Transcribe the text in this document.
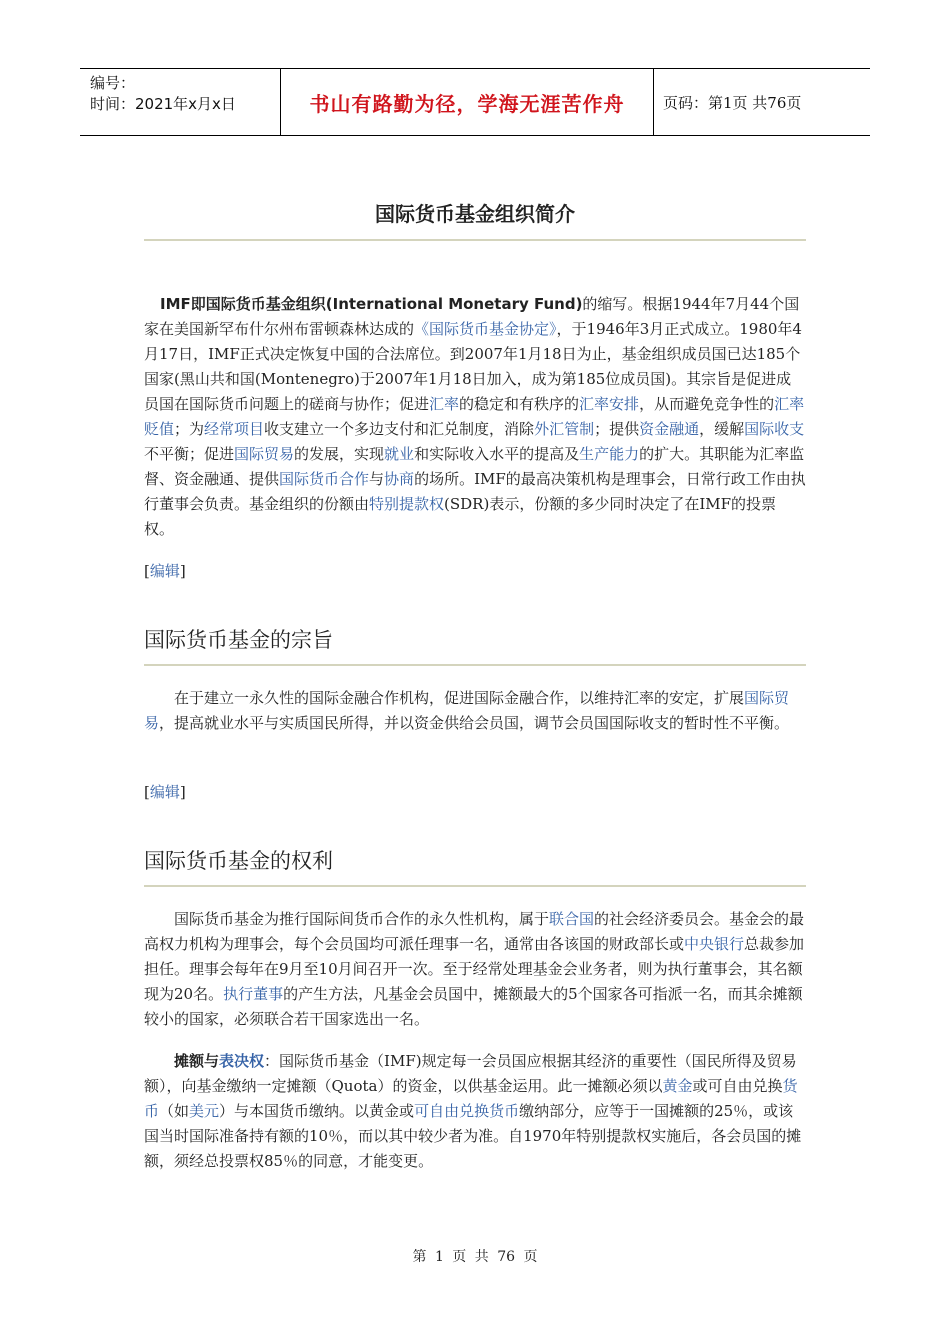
编号：
时间：2021年x月x日	书山有路勤为径，学海无涯苦作舟	页码：第1页 共76页
国际货币基金组织简介

IMF即国际货币基金组织(International Monetary Fund)的缩写。根据1944年7月44个国家在美国新罕布什尔州布雷顿森林达成的《国际货币基金协定》，于1946年3月正式成立。1980年4月17日，IMF正式决定恢复中国的合法席位。到2007年1月18日为止，基金组织成员国已达185个国家(黑山共和国(Montenegro)于2007年1月18日加入，成为第185位成员国)。其宗旨是促进成员国在国际货币问题上的磋商与协作；促进汇率的稳定和有秩序的汇率安排，从而避免竞争性的汇率贬值；为经常项目收支建立一个多边支付和汇兑制度，消除外汇管制；提供资金融通，缓解国际收支不平衡；促进国际贸易的发展，实现就业和实际收入水平的提高及生产能力的扩大。其职能为汇率监督、资金融通、提供国际货币合作与协商的场所。IMF的最高决策机构是理事会，日常行政工作由执行董事会负责。基金组织的份额由特别提款权(SDR)表示，份额的多少同时决定了在IMF的投票权。

[编辑]
国际货币基金的宗旨

在于建立一永久性的国际金融合作机构，促进国际金融合作，以维持汇率的安定，扩展国际贸易，提高就业水平与实质国民所得，并以资金供给会员国，调节会员国国际收支的暂时性不平衡。

[编辑]
国际货币基金的权利

国际货币基金为推行国际间货币合作的永久性机构，属于联合国的社会经济委员会。基金会的最高权力机构为理事会，每个会员国均可派任理事一名，通常由各该国的财政部长或中央银行总裁参加担任。理事会每年在9月至10月间召开一次。至于经常处理基金会业务者，则为执行董事会，其名额现为20名。执行董事的产生方法，凡基金会员国中，摊额最大的5个国家各可指派一名，而其余摊额较小的国家，必须联合若干国家选出一名。

摊额与表决权：国际货币基金（IMF)规定每一会员国应根据其经济的重要性（国民所得及贸易额），向基金缴纳一定摊额（Quota）的资金，以供基金运用。此一摊额必须以黄金或可自由兑换货币（如美元）与本国货币缴纳。以黄金或可自由兑换货币缴纳部分，应等于一国摊额的25％，或该国当时国际准备持有额的10％，而以其中较少者为准。自1970年特别提款权实施后，各会员国的摊额，须经总投票权85％的同意，才能变更。

第 1 页 共 76 页
